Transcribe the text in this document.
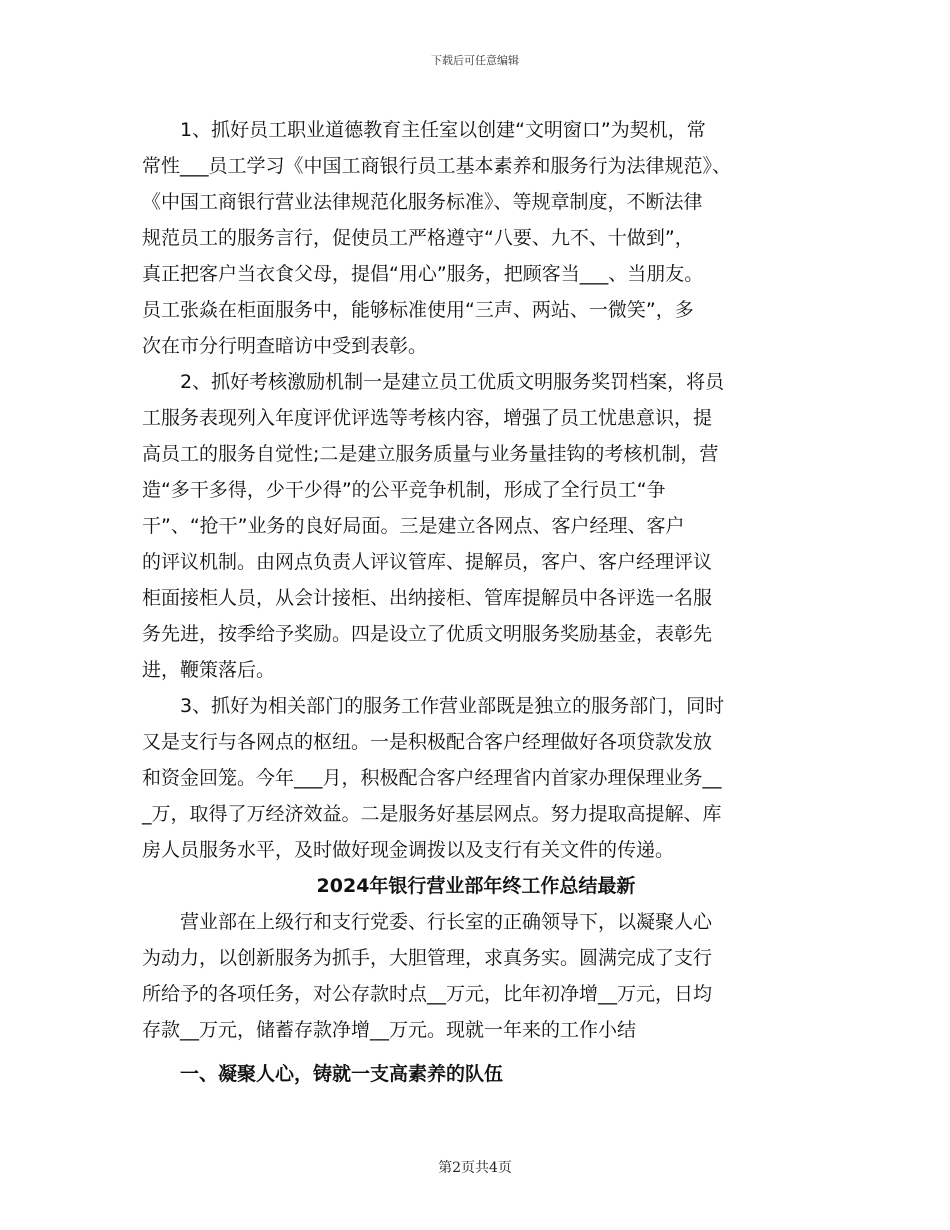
下载后可任意编辑
1、抓好员工职业道德教育主任室以创建“文明窗口”为契机，常
常性___员工学习《中国工商银行员工基本素养和服务行为法律规范》、
《中国工商银行营业法律规范化服务标准》、等规章制度，不断法律
规范员工的服务言行，促使员工严格遵守“八要、九不、十做到”，
真正把客户当衣食父母，提倡“用心”服务，把顾客当___、当朋友。
员工张焱在柜面服务中，能够标准使用“三声、两站、一微笑”，多
次在市分行明查暗访中受到表彰。
2、抓好考核激励机制一是建立员工优质文明服务奖罚档案，将员
工服务表现列入年度评优评选等考核内容，增强了员工忧患意识，提
高员工的服务自觉性;二是建立服务质量与业务量挂钩的考核机制，营
造“多干多得，少干少得”的公平竞争机制，形成了全行员工“争
干”、“抢干”业务的良好局面。三是建立各网点、客户经理、客户
的评议机制。由网点负责人评议管库、提解员，客户、客户经理评议
柜面接柜人员，从会计接柜、出纳接柜、管库提解员中各评选一名服
务先进，按季给予奖励。四是设立了优质文明服务奖励基金，表彰先
进，鞭策落后。
3、抓好为相关部门的服务工作营业部既是独立的服务部门，同时
又是支行与各网点的枢纽。一是积极配合客户经理做好各项贷款发放
和资金回笼。今年___月，积极配合客户经理省内首家办理保理业务__
_万，取得了万经济效益。二是服务好基层网点。努力提取高提解、库
房人员服务水平，及时做好现金调拨以及支行有关文件的传递。
2024年银行营业部年终工作总结最新
营业部在上级行和支行党委、行长室的正确领导下，以凝聚人心
为动力，以创新服务为抓手，大胆管理，求真务实。圆满完成了支行
所给予的各项任务，对公存款时点__万元，比年初净增__万元，日均
存款__万元，储蓄存款净增__万元。现就一年来的工作小结
一、凝聚人心，铸就一支高素养的队伍
第2页共4页
